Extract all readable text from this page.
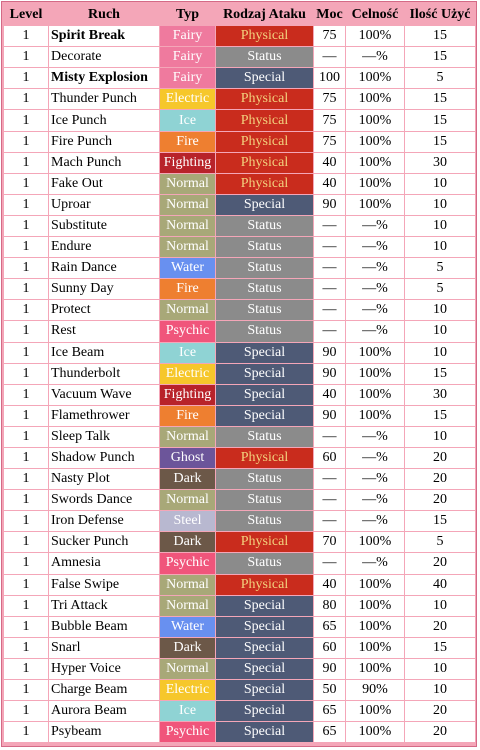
Level	Ruch	Typ	Rodzaj Ataku	Moc	Celność	Ilość Użyć
1	Spirit Break	Fairy	Physical	75	100%	15
1	Decorate	Fairy	Status	—	—%	15
1	Misty Explosion	Fairy	Special	100	100%	5
1	Thunder Punch	Electric	Physical	75	100%	15
1	Ice Punch	Ice	Physical	75	100%	15
1	Fire Punch	Fire	Physical	75	100%	15
1	Mach Punch	Fighting	Physical	40	100%	30
1	Fake Out	Normal	Physical	40	100%	10
1	Uproar	Normal	Special	90	100%	10
1	Substitute	Normal	Status	—	—%	10
1	Endure	Normal	Status	—	—%	10
1	Rain Dance	Water	Status	—	—%	5
1	Sunny Day	Fire	Status	—	—%	5
1	Protect	Normal	Status	—	—%	10
1	Rest	Psychic	Status	—	—%	10
1	Ice Beam	Ice	Special	90	100%	10
1	Thunderbolt	Electric	Special	90	100%	15
1	Vacuum Wave	Fighting	Special	40	100%	30
1	Flamethrower	Fire	Special	90	100%	15
1	Sleep Talk	Normal	Status	—	—%	10
1	Shadow Punch	Ghost	Physical	60	—%	20
1	Nasty Plot	Dark	Status	—	—%	20
1	Swords Dance	Normal	Status	—	—%	20
1	Iron Defense	Steel	Status	—	—%	15
1	Sucker Punch	Dark	Physical	70	100%	5
1	Amnesia	Psychic	Status	—	—%	20
1	False Swipe	Normal	Physical	40	100%	40
1	Tri Attack	Normal	Special	80	100%	10
1	Bubble Beam	Water	Special	65	100%	20
1	Snarl	Dark	Special	60	100%	15
1	Hyper Voice	Normal	Special	90	100%	10
1	Charge Beam	Electric	Special	50	90%	10
1	Aurora Beam	Ice	Special	65	100%	20
1	Psybeam	Psychic	Special	65	100%	20
